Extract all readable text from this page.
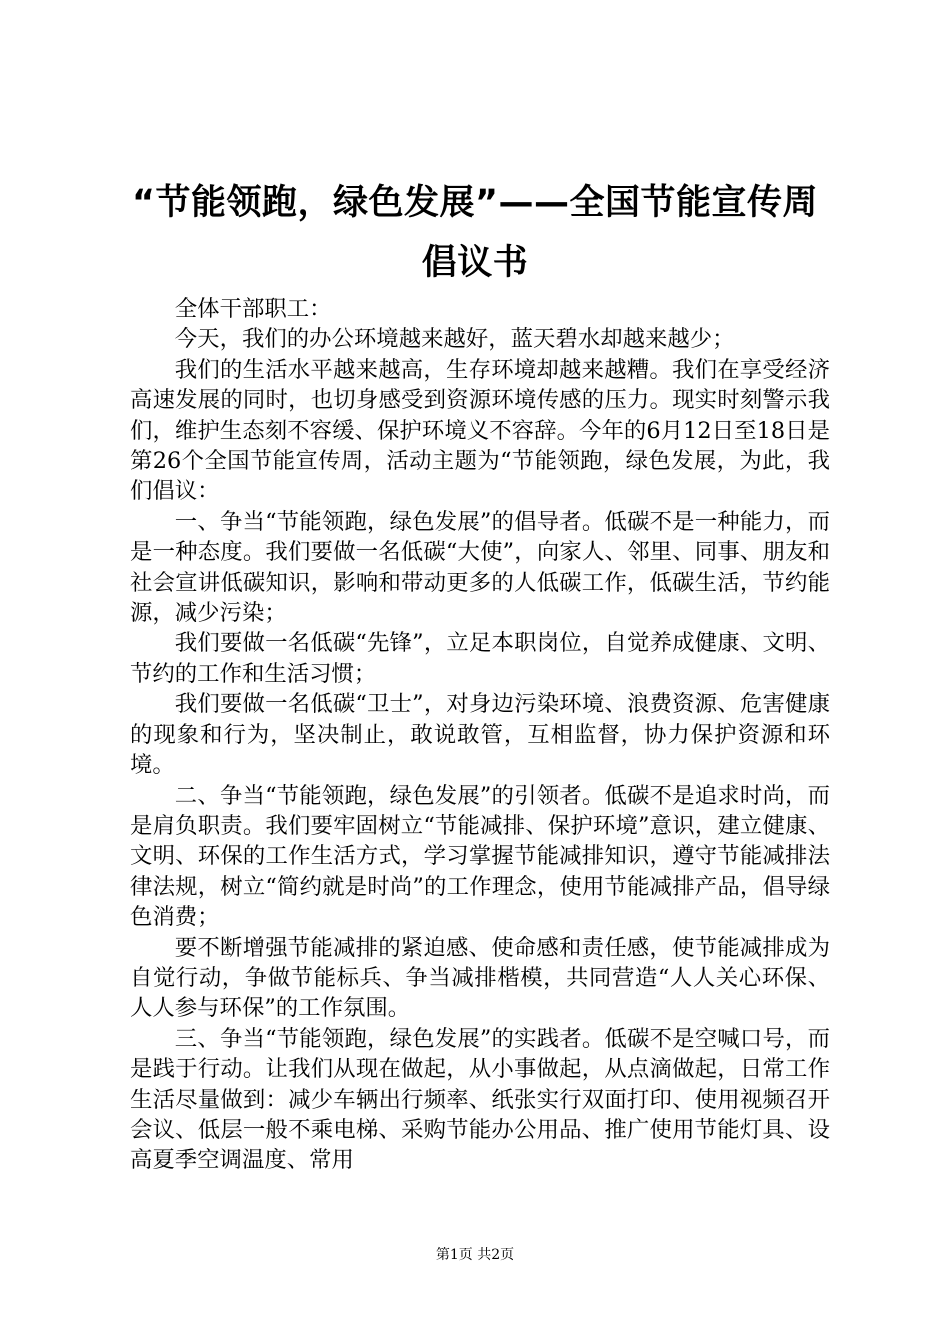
“节能领跑，绿色发展”——全国节能宣传周
倡议书

全体干部职工：

今天，我们的办公环境越来越好，蓝天碧水却越来越少；

我们的生活水平越来越高，生存环境却越来越糟。我们在享受经济高速发展的同时，也切身感受到资源环境传感的压力。现实时刻警示我们，维护生态刻不容缓、保护环境义不容辞。今年的6月12日至18日是第26个全国节能宣传周，活动主题为“节能领跑，绿色发展，为此，我们倡议：

一、争当“节能领跑，绿色发展”的倡导者。低碳不是一种能力，而是一种态度。我们要做一名低碳“大使”，向家人、邻里、同事、朋友和社会宣讲低碳知识，影响和带动更多的人低碳工作，低碳生活，节约能源，减少污染；

我们要做一名低碳“先锋”，立足本职岗位，自觉养成健康、文明、节约的工作和生活习惯；

我们要做一名低碳“卫士”，对身边污染环境、浪费资源、危害健康的现象和行为，坚决制止，敢说敢管，互相监督，协力保护资源和环境。

二、争当“节能领跑，绿色发展”的引领者。低碳不是追求时尚，而是肩负职责。我们要牢固树立“节能减排、保护环境”意识，建立健康、文明、环保的工作生活方式，学习掌握节能减排知识，遵守节能减排法律法规，树立“简约就是时尚”的工作理念，使用节能减排产品，倡导绿色消费；

要不断增强节能减排的紧迫感、使命感和责任感，使节能减排成为自觉行动，争做节能标兵、争当减排楷模，共同营造“人人关心环保、人人参与环保”的工作氛围。

三、争当“节能领跑，绿色发展”的实践者。低碳不是空喊口号，而是践于行动。让我们从现在做起，从小事做起，从点滴做起，日常工作生活尽量做到：减少车辆出行频率、纸张实行双面打印、使用视频召开会议、低层一般不乘电梯、采购节能办公用品、推广使用节能灯具、设高夏季空调温度、常用

第1页 共2页
